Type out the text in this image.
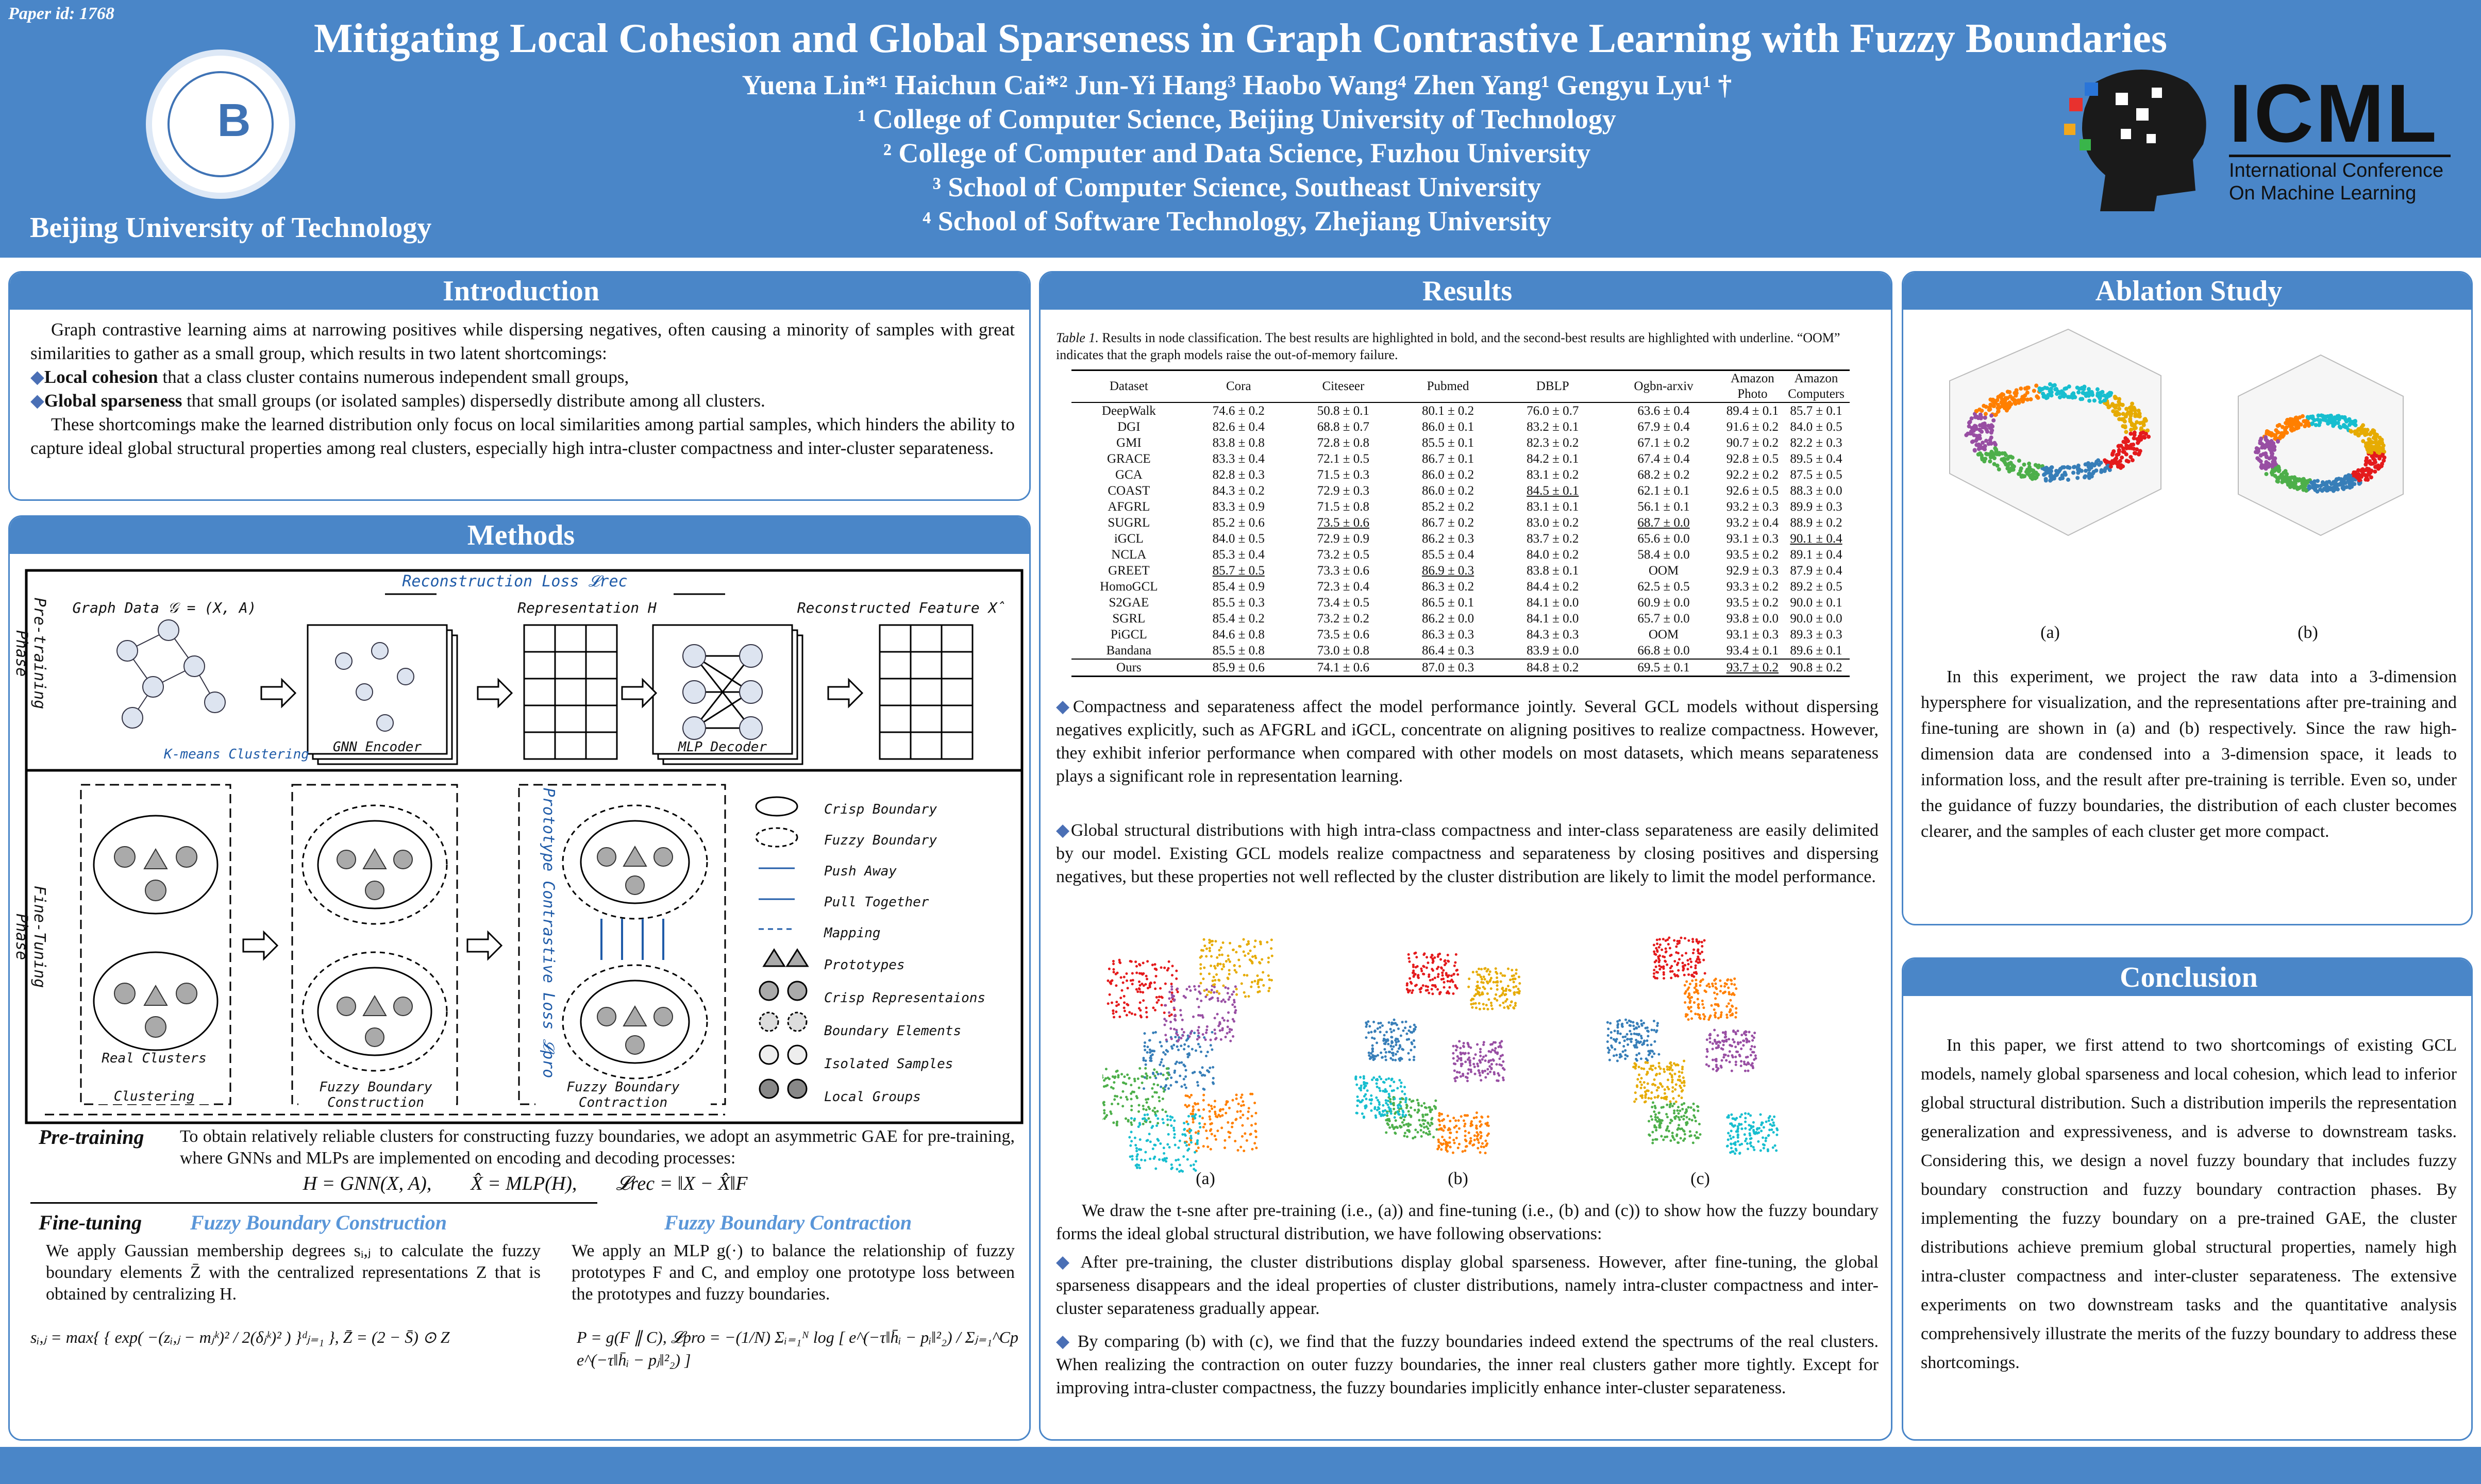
Paper id: 1768
Mitigating Local Cohesion and Global Sparseness in Graph Contrastive Learning with Fuzzy Boundaries
Yuena Lin*¹ Haichun Cai*² Jun-Yi Hang³ Haobo Wang⁴ Zhen Yang¹ Gengyu Lyu¹ †
¹ College of Computer Science, Beijing University of Technology
² College of Computer and Data Science, Fuzhou University
³ School of Computer Science, Southeast University
⁴ School of Software Technology, Zhejiang University
B
Beijing University of Technology
ICML
International Conference On Machine Learning
Introduction

Graph contrastive learning aims at narrowing positives while dispersing negatives, often causing a minority of samples with great similarities to gather as a small group, which results in two latent shortcomings:

◆Local cohesion that a class cluster contains numerous independent small groups,

◆Global sparseness that small groups (or isolated samples) dispersedly distribute among all clusters.

These shortcomings make the learned distribution only focus on local similarities among partial samples, which hinders the ability to capture ideal global structural properties among real clusters, especially high intra-cluster compactness and inter-cluster separateness.

Methods
Reconstruction Loss 𝓛rec
Graph Data 𝒢 = (X, A)	Representation H	Reconstructed Feature X̂
GNN Encoder	MLP Decoder
K-means Clustering
Pre-training Phase
Fine-Tuning Phase	Prototype Contrastive Loss 𝓛pro
Real Clusters
Clustering
Fuzzy Boundary Construction
Fuzzy Boundary Contraction
Crisp Boundary
Fuzzy Boundary
Push Away
Pull Together
Mapping
Prototypes
Crisp Representaions
Boundary Elements
Isolated Samples
Local Groups
Pre-training To obtain relatively reliable clusters for constructing fuzzy boundaries, we adopt an asymmetric GAE for pre-training, where GNNs and MLPs are implemented on encoding and decoding processes:
H = GNN(X, A),        X̂ = MLP(H),        𝓛rec = ‖X − X̂‖F
Fine-tuning Fuzzy Boundary Construction	Fuzzy Boundary Contraction
We apply Gaussian membership degrees sᵢ,ⱼ to calculate the fuzzy boundary elements Z̄ with the centralized representations Z that is obtained by centralizing H.
We apply an MLP g(·) to balance the relationship of fuzzy prototypes F and C, and employ one prototype loss between the prototypes and fuzzy boundaries.
sᵢ,ⱼ = max{ { exp( −(zᵢ,ⱼ − mⱼᵏ)² / 2(δⱼᵏ)² ) }ᵈⱼ₌₁ }, Z̄ = (2 − S̄) ⊙ Z	P = g(F ∥ C), 𝓛pro = −(1/N) Σᵢ₌₁ᴺ log [ e^(−τ‖h̄ᵢ − pᵢ‖²₂) / Σⱼ₌₁^Cp e^(−τ‖h̄ᵢ − pⱼ‖²₂) ]
Results
Table 1. Results in node classification. The best results are highlighted in bold, and the second-best results are highlighted with underline. “OOM” indicates that the graph models raise the out-of-memory failure.
Dataset	Cora	Citeseer	Pubmed	DBLP	Ogbn-arxiv	Amazon Photo	Amazon Computers
DeepWalk	74.6 ± 0.2	50.8 ± 0.1	80.1 ± 0.2	76.0 ± 0.7	63.6 ± 0.4	89.4 ± 0.1	85.7 ± 0.1
DGI	82.6 ± 0.4	68.8 ± 0.7	86.0 ± 0.1	83.2 ± 0.1	67.9 ± 0.4	91.6 ± 0.2	84.0 ± 0.5
GMI	83.8 ± 0.8	72.8 ± 0.8	85.5 ± 0.1	82.3 ± 0.2	67.1 ± 0.2	90.7 ± 0.2	82.2 ± 0.3
GRACE	83.3 ± 0.4	72.1 ± 0.5	86.7 ± 0.1	84.2 ± 0.1	67.4 ± 0.4	92.8 ± 0.5	89.5 ± 0.4
GCA	82.8 ± 0.3	71.5 ± 0.3	86.0 ± 0.2	83.1 ± 0.2	68.2 ± 0.2	92.2 ± 0.2	87.5 ± 0.5
COAST	84.3 ± 0.2	72.9 ± 0.3	86.0 ± 0.2	84.5 ± 0.1	62.1 ± 0.1	92.6 ± 0.5	88.3 ± 0.0
AFGRL	83.3 ± 0.9	71.5 ± 0.8	85.2 ± 0.2	83.1 ± 0.1	56.1 ± 0.1	93.2 ± 0.3	89.9 ± 0.3
SUGRL	85.2 ± 0.6	73.5 ± 0.6	86.7 ± 0.2	83.0 ± 0.2	68.7 ± 0.0	93.2 ± 0.4	88.9 ± 0.2
iGCL	84.0 ± 0.5	72.9 ± 0.9	86.2 ± 0.3	83.7 ± 0.2	65.6 ± 0.0	93.1 ± 0.3	90.1 ± 0.4
NCLA	85.3 ± 0.4	73.2 ± 0.5	85.5 ± 0.4	84.0 ± 0.2	58.4 ± 0.0	93.5 ± 0.2	89.1 ± 0.4
GREET	85.7 ± 0.5	73.3 ± 0.6	86.9 ± 0.3	83.8 ± 0.1	OOM	92.9 ± 0.3	87.9 ± 0.4
HomoGCL	85.4 ± 0.9	72.3 ± 0.4	86.3 ± 0.2	84.4 ± 0.2	62.5 ± 0.5	93.3 ± 0.2	89.2 ± 0.5
S2GAE	85.5 ± 0.3	73.4 ± 0.5	86.5 ± 0.1	84.1 ± 0.0	60.9 ± 0.0	93.5 ± 0.2	90.0 ± 0.1
SGRL	85.4 ± 0.2	73.2 ± 0.2	86.2 ± 0.0	84.1 ± 0.0	65.7 ± 0.0	93.8 ± 0.0	90.0 ± 0.0
PiGCL	84.6 ± 0.8	73.5 ± 0.6	86.3 ± 0.3	84.3 ± 0.3	OOM	93.1 ± 0.3	89.3 ± 0.3
Bandana	85.5 ± 0.8	73.0 ± 0.8	86.4 ± 0.3	83.9 ± 0.0	66.8 ± 0.0	93.4 ± 0.1	89.6 ± 0.1
Ours	85.9 ± 0.6	74.1 ± 0.6	87.0 ± 0.3	84.8 ± 0.2	69.5 ± 0.1	93.7 ± 0.2	90.8 ± 0.2
◆Compactness and separateness affect the model performance jointly. Several GCL models without dispersing negatives explicitly, such as AFGRL and iGCL, concentrate on aligning positives to realize compactness. However, they exhibit inferior performance when compared with other models on most datasets, which means separateness plays a significant role in representation learning.
◆Global structural distributions with high intra-class compactness and inter-class separateness are easily delimited by our model. Existing GCL models realize compactness and separateness by closing positives and dispersing negatives, but these properties not well reflected by the cluster distribution are likely to limit the model performance.
(a)	(b)	(c)
We draw the t-sne after pre-training (i.e., (a)) and fine-tuning (i.e., (b) and (c)) to show how the fuzzy boundary forms the ideal global structural distribution, we have following observations:
◆ After pre-training, the cluster distributions display global sparseness. However, after fine-tuning, the global sparseness disappears and the ideal properties of cluster distributions, namely intra-cluster compactness and inter-cluster separateness gradually appear.
◆ By comparing (b) with (c), we find that the fuzzy boundaries indeed extend the spectrums of the real clusters. When realizing the contraction on outer fuzzy boundaries, the inner real clusters gather more tightly. Except for improving intra-cluster compactness, the fuzzy boundaries implicitly enhance inter-cluster separateness.
Ablation Study
(a)	(b)
In this experiment, we project the raw data into a 3-dimension hypersphere for visualization, and the representations after pre-training and fine-tuning are shown in (a) and (b) respectively. Since the raw high-dimension data are condensed into a 3-dimension space, it leads to information loss, and the result after pre-training is terrible. Even so, under the guidance of fuzzy boundaries, the distribution of each cluster becomes clearer, and the samples of each cluster get more compact.
Conclusion
In this paper, we first attend to two shortcomings of existing GCL models, namely global sparseness and local cohesion, which lead to inferior global structural distribution. Such a distribution imperils the representation generalization and expressiveness, and is adverse to downstream tasks. Considering this, we design a novel fuzzy boundary that includes fuzzy boundary construction and fuzzy boundary contraction phases. By implementing the fuzzy boundary on a pre-trained GAE, the cluster distributions achieve premium global structural properties, namely high intra-cluster compactness and inter-cluster separateness. The extensive experiments on two downstream tasks and the quantitative analysis comprehensively illustrate the merits of the fuzzy boundary to address these shortcomings.
